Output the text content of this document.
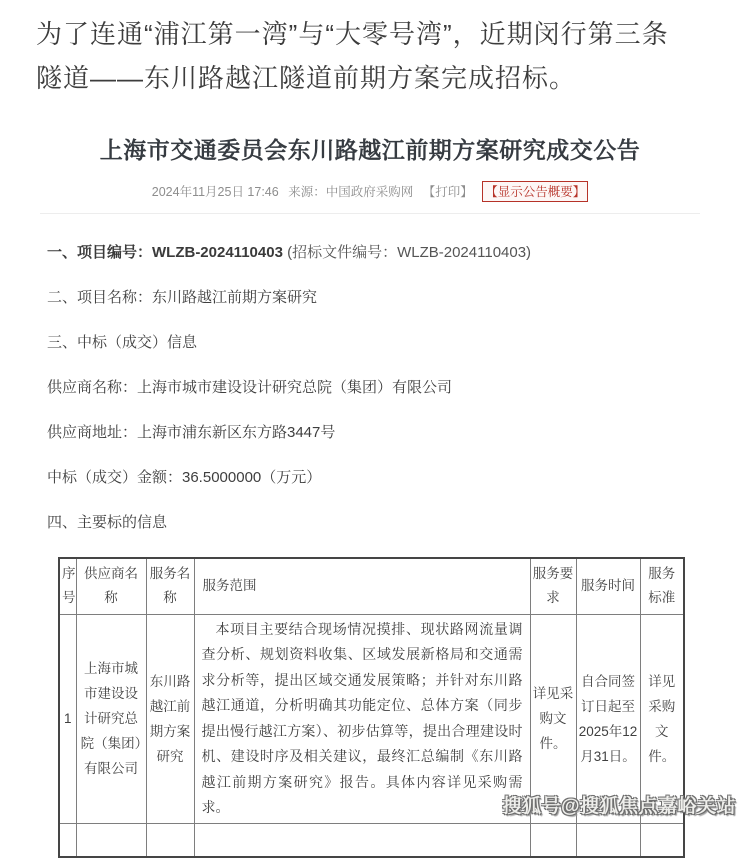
为了连通“浦江第一湾”与“大零号湾”，近期闵行第三条
隧道——东川路越江隧道前期方案完成招标。
上海市交通委员会东川路越江前期方案研究成交公告
2024年11月25日 17:46 来源：中国政府采购网 【打印】 【显示公告概要】
一、项目编号：WLZB-2024110403 (招标文件编号：WLZB-2024110403)
二、项目名称：东川路越江前期方案研究
三、中标（成交）信息
供应商名称：上海市城市建设设计研究总院（集团）有限公司
供应商地址：上海市浦东新区东方路3447号
中标（成交）金额：36.5000000（万元）
四、主要标的信息
序号	供应商名称	服务名称	服务范围	服务要求	服务时间	服务标准
1	上海市城市建设设计研究总院（集团）有限公司	东川路越江前期方案研究	本项目主要结合现场情况摸排、现状路网流量调查分析、规划资料收集、区域发展新格局和交通需求分析等，提出区域交通发展策略；并针对东川路越江通道，分析明确其功能定位、总体方案（同步提出慢行越江方案）、初步估算等，提出合理建设时机、建设时序及相关建议，最终汇总编制《东川路越江前期方案研究》报告。具体内容详见采购需求。	详见采购文件。	自合同签订日起至2025年12月31日。	详见采购文件。

搜狐号@搜狐焦点嘉峪关站
